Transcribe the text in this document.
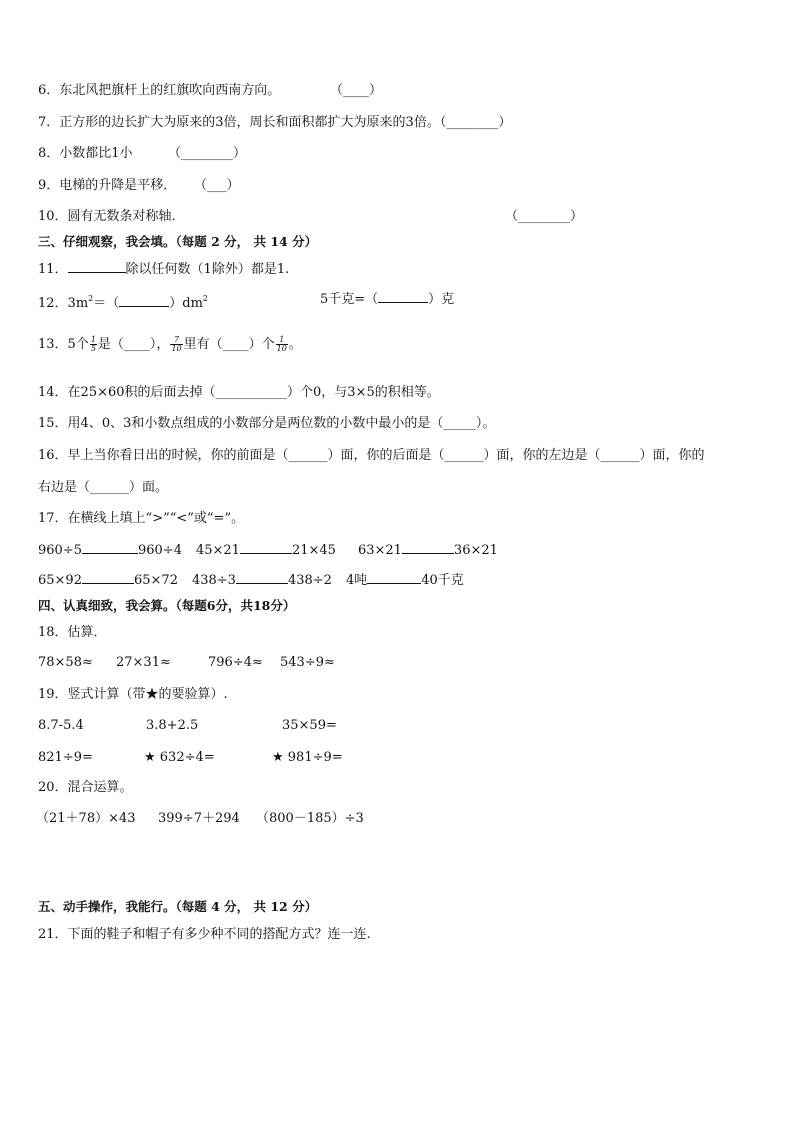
6．东北风把旗杆上的红旗吹向西南方向。	（____）
7．正方形的边长扩大为原来的3倍，周长和面积都扩大为原来的3倍。（________）
8．小数都比1小	（________）
9．电梯的升降是平移． （___）
10．圆有无数条对称轴．	（________）
三、仔细观察，我会填。（每题 2 分， 共 14 分）
11．	除以任何数（1除外）都是1.
12．$3m^2=$（	）$dm^2$	5千克=（	）克
13．5个 $\frac{1}{5}$ 是（____）， $\frac{7}{10}$ 里有（____）个 $\frac{1}{10}$ 。
14．在25×60积的后面去掉（___________）个0，与3×5的积相等。
15．用4、0、3和小数点组成的小数部分是两位数的小数中最小的是（_____）。
16．早上当你看日出的时候，你的前面是（______）面，你的后面是（______）面，你的左边是（______）面，你的
右边是（______）面。
17．在横线上填上“>”“<”或“=”。
960÷5	960÷4 45×21	21×45 63×21	36×21
65×92	65×72 438÷3	438÷2 4吨	40千克
四、认真细致，我会算。（每题6分，共18分）
18．估算．
78×58≈ 27×31≈	796÷4≈ 543÷9≈
19．竖式计算（带★的要验算）.
8.7-5.4	3.8+2.5	35×59=
821÷9=	★ 632÷4=	★ 981÷9=
20．混合运算。
（21＋78）×43 399÷7＋294 （800－185）÷3
五、动手操作，我能行。（每题 4 分， 共 12 分）
21．下面的鞋子和帽子有多少种不同的搭配方式？连一连.
